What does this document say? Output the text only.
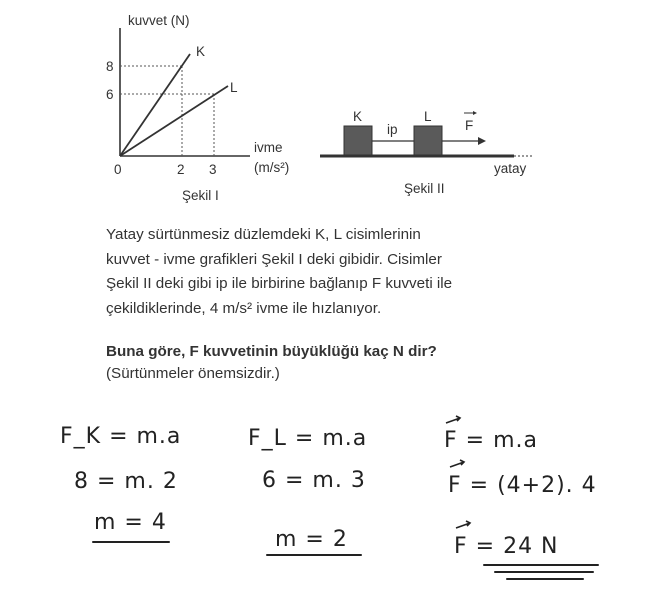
kuvvet (N)
K
L
8
6
0	2 3
ivme
(m/s²)
Şekil I
K	L
ip	F
yatay
Şekil II

Yatay sürtünmesiz düzlemdeki K, L cisimlerinin

kuvvet - ivme grafikleri Şekil I deki gibidir. Cisimler

Şekil II deki gibi ip ile birbirine bağlanıp F kuvveti ile

çekildiklerinde, 4 m/s² ivme ile hızlanıyor.

Buna göre, F kuvvetinin büyüklüğü kaç N dir?
(Sürtünmeler önemsizdir.)
F_K = m.a
8 = m. 2
m = 4
F_L = m.a
6 = m. 3
m = 2
F = m.a
F = (4+2). 4
F = 24 N
